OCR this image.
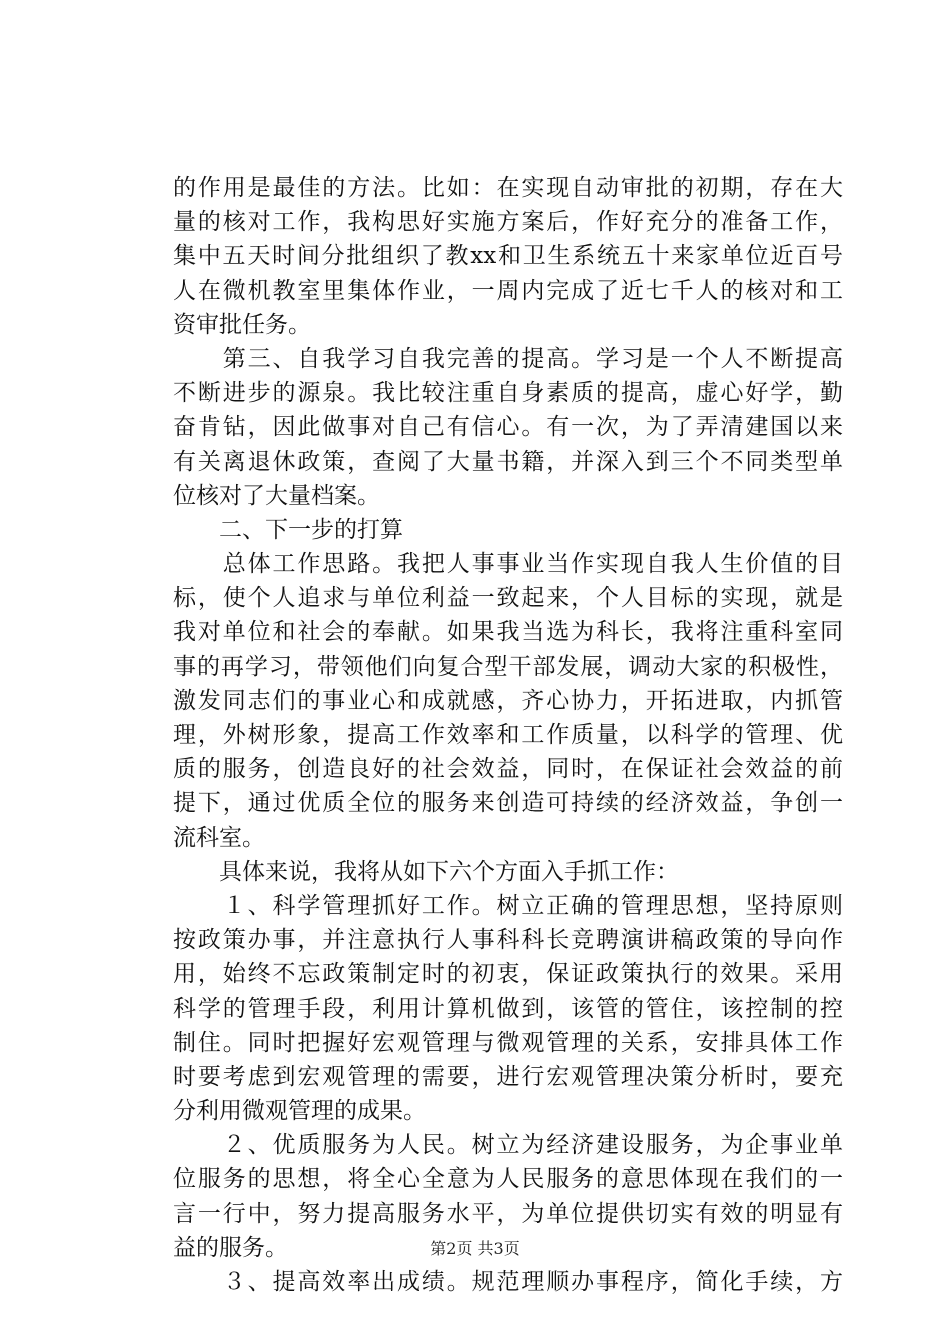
的作用是最佳的方法。比如：在实现自动审批的初期，存在大
量的核对工作，我构思好实施方案后，作好充分的准备工作，
集中五天时间分批组织了教xx和卫生系统五十来家单位近百号
人在微机教室里集体作业，一周内完成了近七千人的核对和工
资审批任务。
　　第三、自我学习自我完善的提高。学习是一个人不断提高
不断进步的源泉。我比较注重自身素质的提高，虚心好学，勤
奋肯钻，因此做事对自己有信心。有一次，为了弄清建国以来
有关离退休政策，查阅了大量书籍，并深入到三个不同类型单
位核对了大量档案。
　　二、下一步的打算
　　总体工作思路。我把人事事业当作实现自我人生价值的目
标，使个人追求与单位利益一致起来，个人目标的实现，就是
我对单位和社会的奉献。如果我当选为科长，我将注重科室同
事的再学习，带领他们向复合型干部发展，调动大家的积极性，
激发同志们的事业心和成就感，齐心协力，开拓进取，内抓管
理，外树形象，提高工作效率和工作质量，以科学的管理、优
质的服务，创造良好的社会效益，同时，在保证社会效益的前
提下，通过优质全位的服务来创造可持续的经济效益，争创一
流科室。
　　具体来说，我将从如下六个方面入手抓工作：
　　１、科学管理抓好工作。树立正确的管理思想，坚持原则
按政策办事，并注意执行人事科科长竞聘演讲稿政策的导向作
用，始终不忘政策制定时的初衷，保证政策执行的效果。采用
科学的管理手段，利用计算机做到，该管的管住，该控制的控
制住。同时把握好宏观管理与微观管理的关系，安排具体工作
时要考虑到宏观管理的需要，进行宏观管理决策分析时，要充
分利用微观管理的成果。
　　２、优质服务为人民。树立为经济建设服务，为企事业单
位服务的思想，将全心全意为人民服务的意思体现在我们的一
言一行中，努力提高服务水平，为单位提供切实有效的明显有
益的服务。
　　３、提高效率出成绩。规范理顺办事程序，简化手续，方
第2页 共3页
